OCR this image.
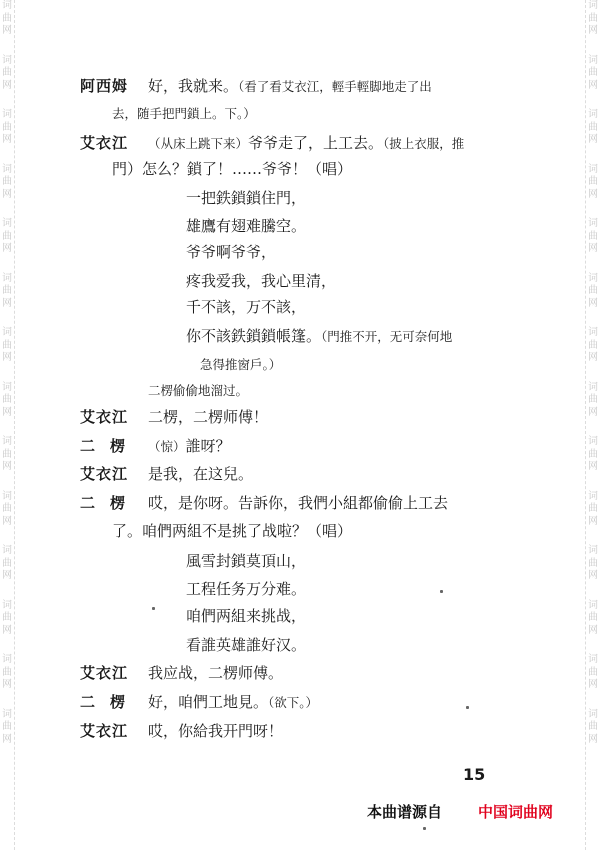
词曲网
词曲网
词曲网
词曲网
词曲网
词曲网
词曲网
词曲网
词曲网
词曲网
词曲网
词曲网
词曲网
词曲网
词曲网
词曲网
词曲网
词曲网
词曲网
词曲网
词曲网
词曲网
词曲网
词曲网
词曲网
词曲网
词曲网
词曲网
阿西姆 好，我就来。（看了看艾衣江，輕手輕脚地走了出
去，随手把門鎖上。下。）
艾衣江 （从床上跳下来）爷爷走了，上工去。（披上衣服，推
門）怎么？鎖了！……爷爷！（唱）
一把鉄鎖鎖住門，
雄鷹有翅难騰空。
爷爷啊爷爷，
疼我爱我，我心里清，
千不該，万不該，
你不該鉄鎖鎖帳篷。（門推不开，无可奈何地
急得推窗戶。）
二楞偷偷地溜过。
艾衣江 二楞，二楞师傅！
二　楞 （惊）誰呀？
艾衣江 是我，在这兒。
二　楞 哎，是你呀。告訴你，我們小組都偷偷上工去
了。咱們两組不是挑了战啦？（唱）
風雪封鎖莫頂山，
工程任务万分难。
咱們两組来挑战，
看誰英雄誰好汉。
艾衣江 我应战，二楞师傅。
二　楞 好，咱們工地見。（欲下。）
艾衣江 哎，你給我开門呀！
15
本曲谱源自 中国词曲网
